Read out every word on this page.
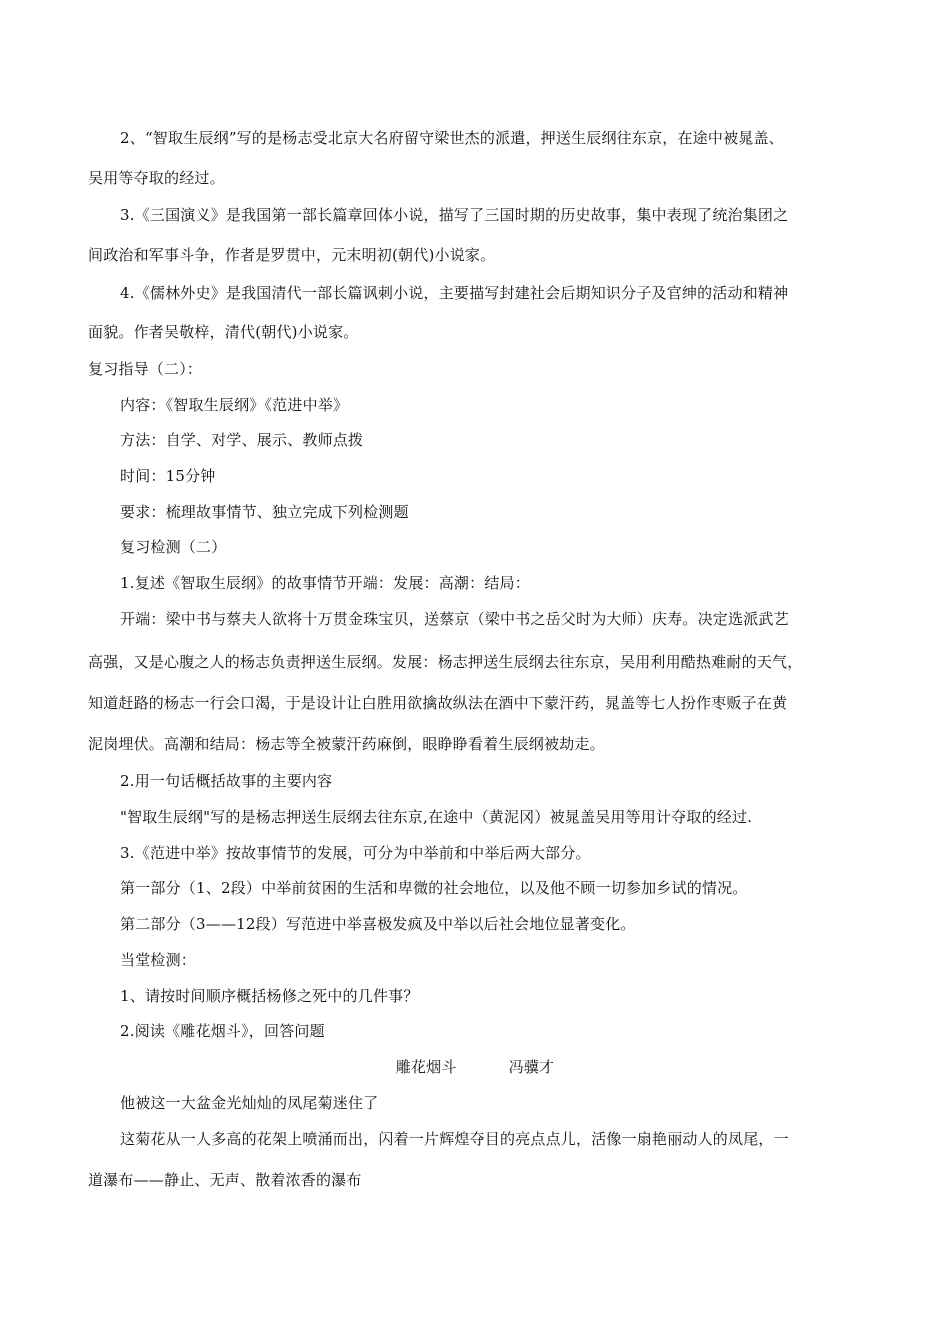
2、“智取生辰纲”写的是杨志受北京大名府留守梁世杰的派遣，押送生辰纲往东京，在途中被晁盖、
吴用等夺取的经过。
3.《三国演义》是我国第一部长篇章回体小说，描写了三国时期的历史故事，集中表现了统治集团之
间政治和军事斗争，作者是罗贯中，元末明初(朝代)小说家。
4.《儒林外史》是我国清代一部长篇讽刺小说，主要描写封建社会后期知识分子及官绅的活动和精神
面貌。作者吴敬梓，清代(朝代)小说家。
复习指导（二）：
内容：《智取生辰纲》《范进中举》
方法：自学、对学、展示、教师点拨
时间：15分钟
要求：梳理故事情节、独立完成下列检测题
复习检测（二）
1.复述《智取生辰纲》的故事情节开端：发展：高潮：结局：
开端：梁中书与蔡夫人欲将十万贯金珠宝贝，送蔡京（梁中书之岳父时为大师）庆寿。决定选派武艺
高强，又是心腹之人的杨志负责押送生辰纲。发展：杨志押送生辰纲去往东京，吴用利用酷热难耐的天气，
知道赶路的杨志一行会口渴，于是设计让白胜用欲擒故纵法在酒中下蒙汗药，晁盖等七人扮作枣贩子在黄
泥岗埋伏。高潮和结局：杨志等全被蒙汗药麻倒，眼睁睁看着生辰纲被劫走。
2.用一句话概括故事的主要内容
"智取生辰纲"写的是杨志押送生辰纲去往东京,在途中（黄泥冈）被晁盖吴用等用计夺取的经过.
3.《范进中举》按故事情节的发展，可分为中举前和中举后两大部分。
第一部分（1、2段）中举前贫困的生活和卑微的社会地位，以及他不顾一切参加乡试的情况。
第二部分（3——12段）写范进中举喜极发疯及中举以后社会地位显著变化。
当堂检测：
1、请按时间顺序概括杨修之死中的几件事？
2.阅读《雕花烟斗》，回答问题
雕花烟斗	冯骥才
他被这一大盆金光灿灿的凤尾菊迷住了
这菊花从一人多高的花架上喷涌而出，闪着一片辉煌夺目的亮点点儿，活像一扇艳丽动人的凤尾，一
道瀑布——静止、无声、散着浓香的瀑布
